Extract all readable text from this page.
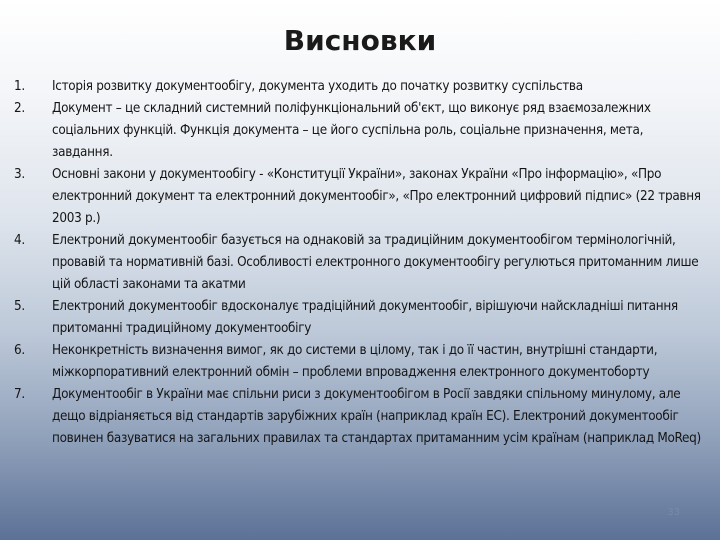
Висновки
1.	Історія розвитку документообігу, документа уходить до початку розвитку суспільства
2.	Документ – це складний системний поліфункціональний об'єкт, що виконує ряд взаємозалежних соціальних функцій. Функція документа – це його суспільна роль, соціальне призначення, мета, завдання.
3.	Основні закони у документообігу - «Конституції України», законах України «Про інформацію», «Про електронний документ та електронний документообіг», «Про електронний цифровий підпис» (22 травня 2003 р.)
4.	Електроний документообіг базується на однаковій за традиційним документообігом термінологічній, провавій та нормативній базі. Особливості електронного документообігу регулються притоманним лише цій області законами та акатми
5.	Електроний документообіг вдосконалує традіційний документообіг, вірішуючи найскладніші питання притоманні традиційному документообігу
6.	Неконкретність визначення вимог, як до системи в цілому, так і до її частин, внутрішні стандарти, міжкорпоративний електронний обмін – проблеми впровадження електронного документоборту
7.	Документообіг в України має спільни риси з документообігом в Росії завдяки спільному минулому, але дещо відріаняється від стандартів зарубіжних країн (наприклад країн ЕС). Електроний документообіг повинен базуватися на загальних правилах та стандартах притаманним усім країнам (наприклад MoReq)
33
